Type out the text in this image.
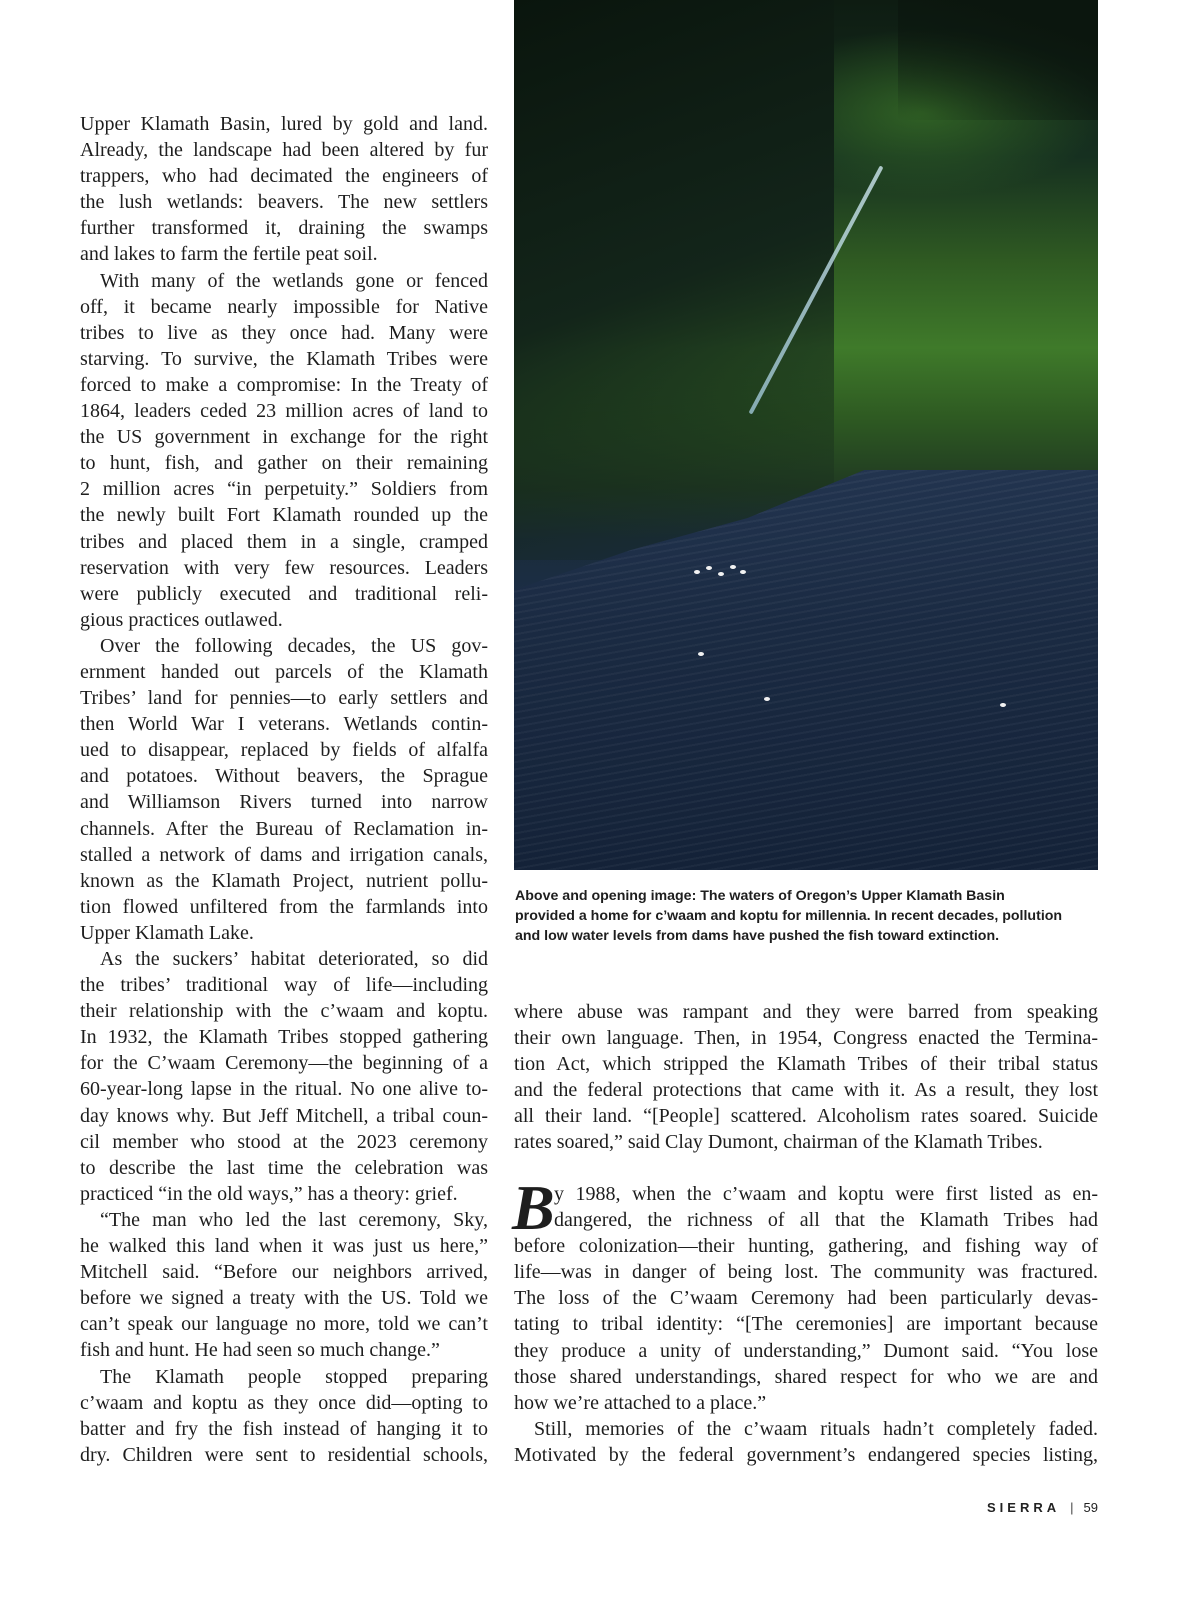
Upper Klamath Basin, lured by gold and land.
Already, the landscape had been altered by fur
trappers, who had decimated the engineers of
the lush wetlands: beavers. The new settlers
further transformed it, draining the swamps
and lakes to farm the fertile peat soil.
With many of the wetlands gone or fenced
off, it became nearly impossible for Native
tribes to live as they once had. Many were
starving. To survive, the Klamath Tribes were
forced to make a compromise: In the Treaty of
1864, leaders ceded 23 million acres of land to
the US government in exchange for the right
to hunt, fish, and gather on their remaining
2 million acres “in perpetuity.” Soldiers from
the newly built Fort Klamath rounded up the
tribes and placed them in a single, cramped
reservation with very few resources. Leaders
were publicly executed and traditional reli-
gious practices outlawed.
Over the following decades, the US gov-
ernment handed out parcels of the Klamath
Tribes’ land for pennies—to early settlers and
then World War I veterans. Wetlands contin-
ued to disappear, replaced by fields of alfalfa
and potatoes. Without beavers, the Sprague
and Williamson Rivers turned into narrow
channels. After the Bureau of Reclamation in-
stalled a network of dams and irrigation canals,
known as the Klamath Project, nutrient pollu-
tion flowed unfiltered from the farmlands into
Upper Klamath Lake.
As the suckers’ habitat deteriorated, so did
the tribes’ traditional way of life—including
their relationship with the c’waam and koptu.
In 1932, the Klamath Tribes stopped gathering
for the C’waam Ceremony—the beginning of a
60-year-long lapse in the ritual. No one alive to-
day knows why. But Jeff Mitchell, a tribal coun-
cil member who stood at the 2023 ceremony
to describe the last time the celebration was
practiced “in the old ways,” has a theory: grief.
“The man who led the last ceremony, Sky,
he walked this land when it was just us here,”
Mitchell said. “Before our neighbors arrived,
before we signed a treaty with the US. Told we
can’t speak our language no more, told we can’t
fish and hunt. He had seen so much change.”
The Klamath people stopped preparing
c’waam and koptu as they once did—opting to
batter and fry the fish instead of hanging it to
dry. Children were sent to residential schools,
Above and opening image: The waters of Oregon’s Upper Klamath Basin
provided a home for c’waam and koptu for millennia. In recent decades, pollution
and low water levels from dams have pushed the fish toward extinction.
where abuse was rampant and they were barred from speaking
their own language. Then, in 1954, Congress enacted the Termina-
tion Act, which stripped the Klamath Tribes of their tribal status
and the federal protections that came with it. As a result, they lost
all their land. “[People] scattered. Alcoholism rates soared. Suicide
rates soared,” said Clay Dumont, chairman of the Klamath Tribes.
B y 1988, when the c’waam and koptu were first listed as en-
dangered, the richness of all that the Klamath Tribes had
before colonization—their hunting, gathering, and fishing way of
life—was in danger of being lost. The community was fractured.
The loss of the C’waam Ceremony had been particularly devas-
tating to tribal identity: “[The ceremonies] are important because
they produce a unity of understanding,” Dumont said. “You lose
those shared understandings, shared respect for who we are and
how we’re attached to a place.”
Still, memories of the c’waam rituals hadn’t completely faded.
Motivated by the federal government’s endangered species listing,
SIERRA | 59
